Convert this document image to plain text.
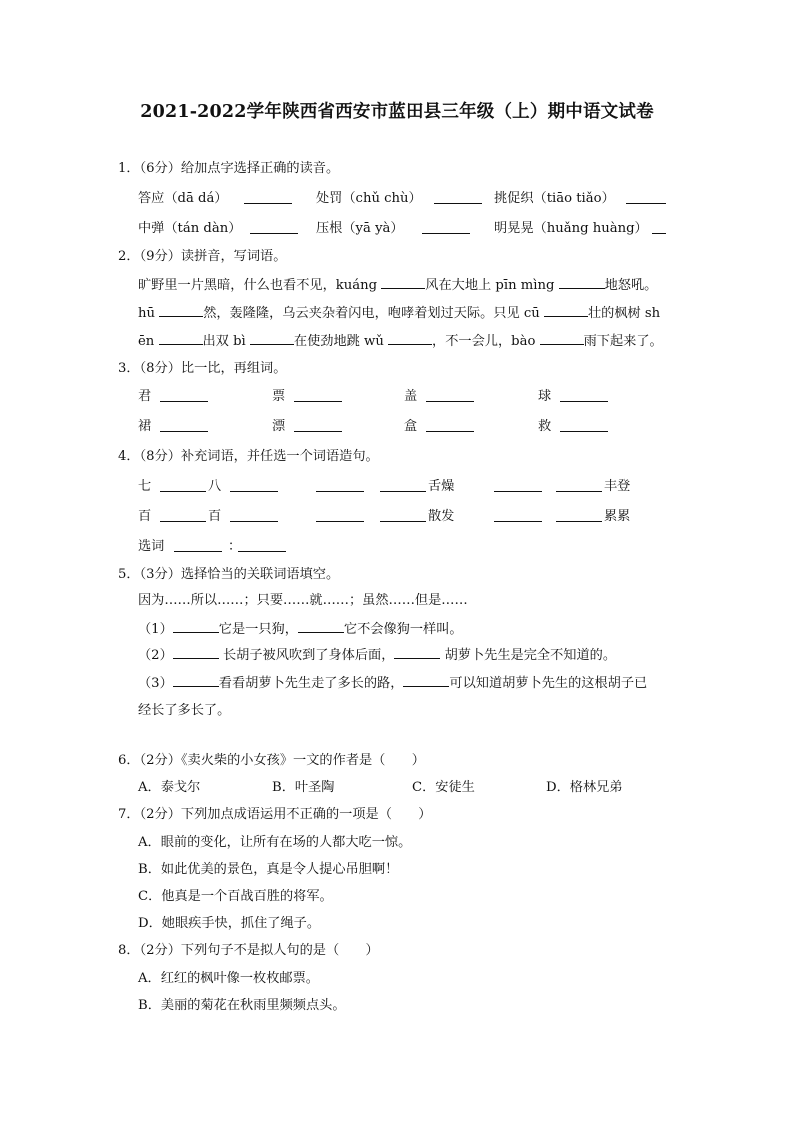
2021-2022学年陕西省西安市蓝田县三年级（上）期中语文试卷
1．（6分）给加点字选择正确的读音。
答应（dā dá）	处罚（chǔ chù）	挑促织（tiāo tiǎo）
中弹（tán dàn）	压根（yā yà）	明晃晃（huǎng huàng）
2．（9分）读拼音，写词语。
旷野里一片黑暗，什么也看不见，kuáng	风在大地上 pīn mìng	地怒吼。
hū	然，轰隆隆，乌云夹杂着闪电，咆哮着划过天际。只见 cū	壮的枫树 sh
ēn	出双 bì	在使劲地跳 wǔ	，不一会儿，bào	雨下起来了。
3．（8分）比一比，再组词。
君	票	盖	球
裙	漂	盒	救
4．（8分）补充词语，并任选一个词语造句。
七	八	舌燥	丰登
百	百	散发	累累
选词	：
5．（3分）选择恰当的关联词语填空。
因为……所以……；只要……就……；虽然……但是……
（1）	它是一只狗，	它不会像狗一样叫。
（2）	长胡子被风吹到了身体后面，	胡萝卜先生是完全不知道的。
（3）	看看胡萝卜先生走了多长的路，	可以知道胡萝卜先生的这根胡子已
经长了多长了。
6．（2分）《卖火柴的小女孩》一文的作者是（　　）
A．泰戈尔	B．叶圣陶	C．安徒生	D．格林兄弟
7．（2分）下列加点成语运用不正确的一项是（　　）
A．眼前的变化，让所有在场的人都大吃一惊。
B．如此优美的景色，真是令人提心吊胆啊！
C．他真是一个百战百胜的将军。
D．她眼疾手快，抓住了绳子。
8．（2分）下列句子不是拟人句的是（　　）
A．红红的枫叶像一枚枚邮票。
B．美丽的菊花在秋雨里频频点头。
